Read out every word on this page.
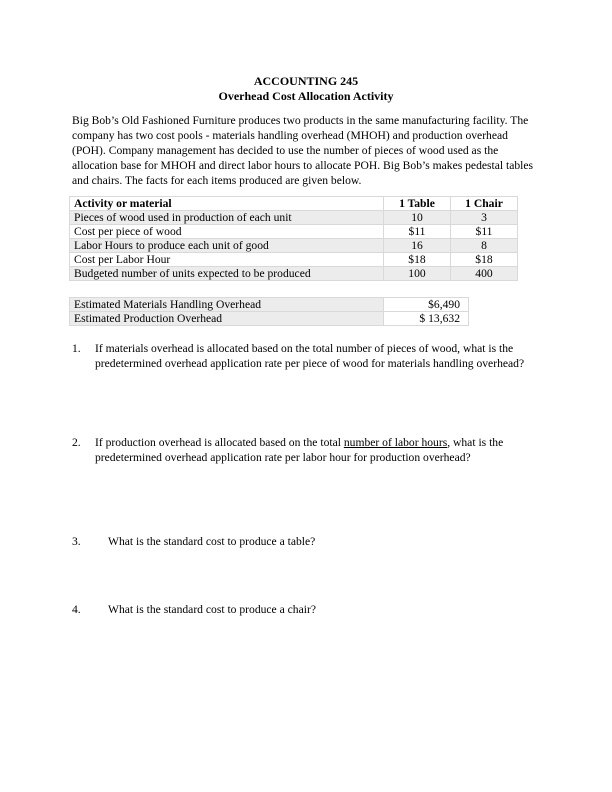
ACCOUNTING 245
Overhead Cost Allocation Activity
Big Bob’s Old Fashioned Furniture produces two products in the same manufacturing facility. The company has two cost pools - materials handling overhead (MHOH) and production overhead (POH). Company management has decided to use the number of pieces of wood used as the allocation base for MHOH and direct labor hours to allocate POH. Big Bob’s makes pedestal tables and chairs. The facts for each items produced are given below.
Activity or material	1 Table	1 Chair
Pieces of wood used in production of each unit	10	3
Cost per piece of wood	$11	$11
Labor Hours to produce each unit of good	16	8
Cost per Labor Hour	$18	$18
Budgeted number of units expected to be produced	100	400
Estimated Materials Handling Overhead	$6,490
Estimated Production Overhead	$ 13,632
1. If materials overhead is allocated based on the total number of pieces of wood, what is the predetermined overhead application rate per piece of wood for materials handling overhead?
2. If production overhead is allocated based on the total number of labor hours, what is the predetermined overhead application rate per labor hour for production overhead?
3. What is the standard cost to produce a table?
4. What is the standard cost to produce a chair?
